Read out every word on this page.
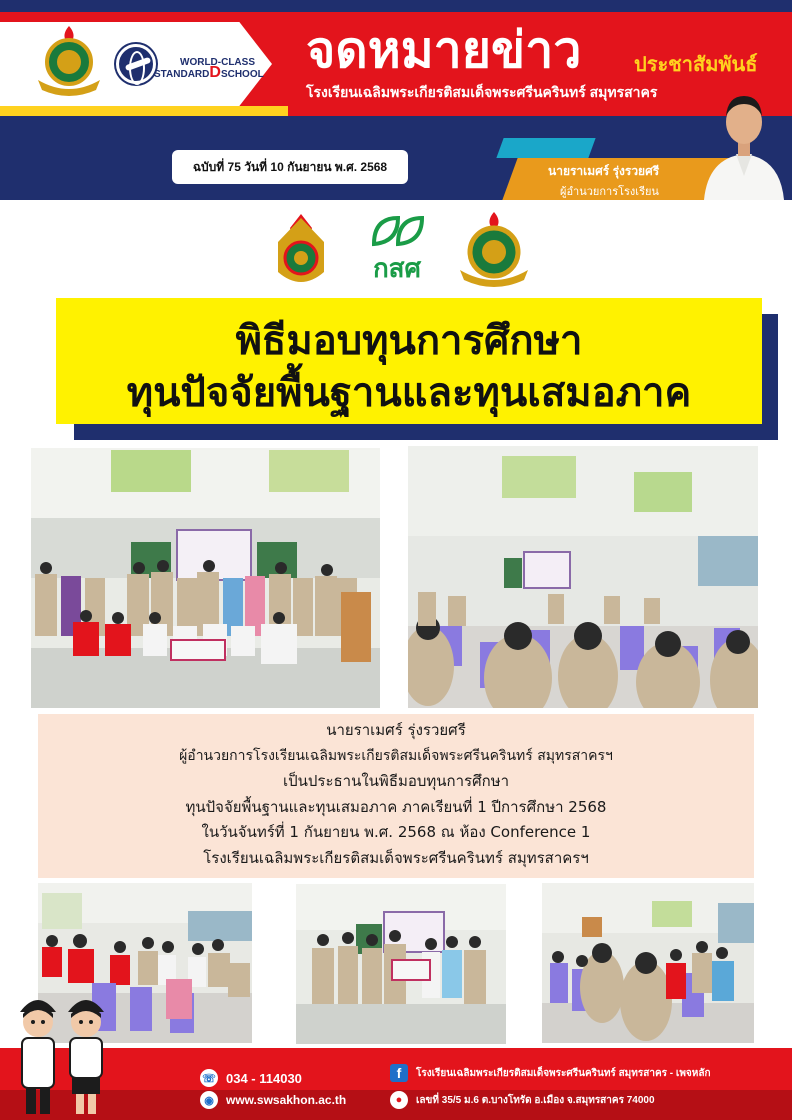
WORLD-CLASS
STANDARDDSCHOOL จดหมายข่าว	ประชาสัมพันธ์
โรงเรียนเฉลิมพระเกียรติสมเด็จพระศรีนครินทร์ สมุทรสาคร
ฉบับที่ 75 วันที่ 10 กันยายน พ.ศ. 2568	นายราเมศร์ รุ่งรวยศรี
ผู้อำนวยการโรงเรียน
กสศ
พิธีมอบทุนการศึกษา
ทุนปัจจัยพื้นฐานและทุนเสมอภาค
นายราเมศร์ รุ่งรวยศรี
ผู้อำนวยการโรงเรียนเฉลิมพระเกียรติสมเด็จพระศรีนครินทร์ สมุทรสาครฯ
เป็นประธานในพิธีมอบทุนการศึกษา
ทุนปัจจัยพื้นฐานและทุนเสมอภาค ภาคเรียนที่ 1 ปีการศึกษา 2568
ในวันจันทร์ที่ 1 กันยายน พ.ศ. 2568 ณ ห้อง Conference 1
โรงเรียนเฉลิมพระเกียรติสมเด็จพระศรีนครินทร์ สมุทรสาครฯ
☏ 034 - 114030
◉	www.swsakhon.ac.th
f	โรงเรียนเฉลิมพระเกียรติสมเด็จพระศรีนครินทร์ สมุทรสาคร - เพจหลัก
●	เลขที่ 35/5 ม.6 ต.บางโทรัด อ.เมือง จ.สมุทรสาคร 74000
